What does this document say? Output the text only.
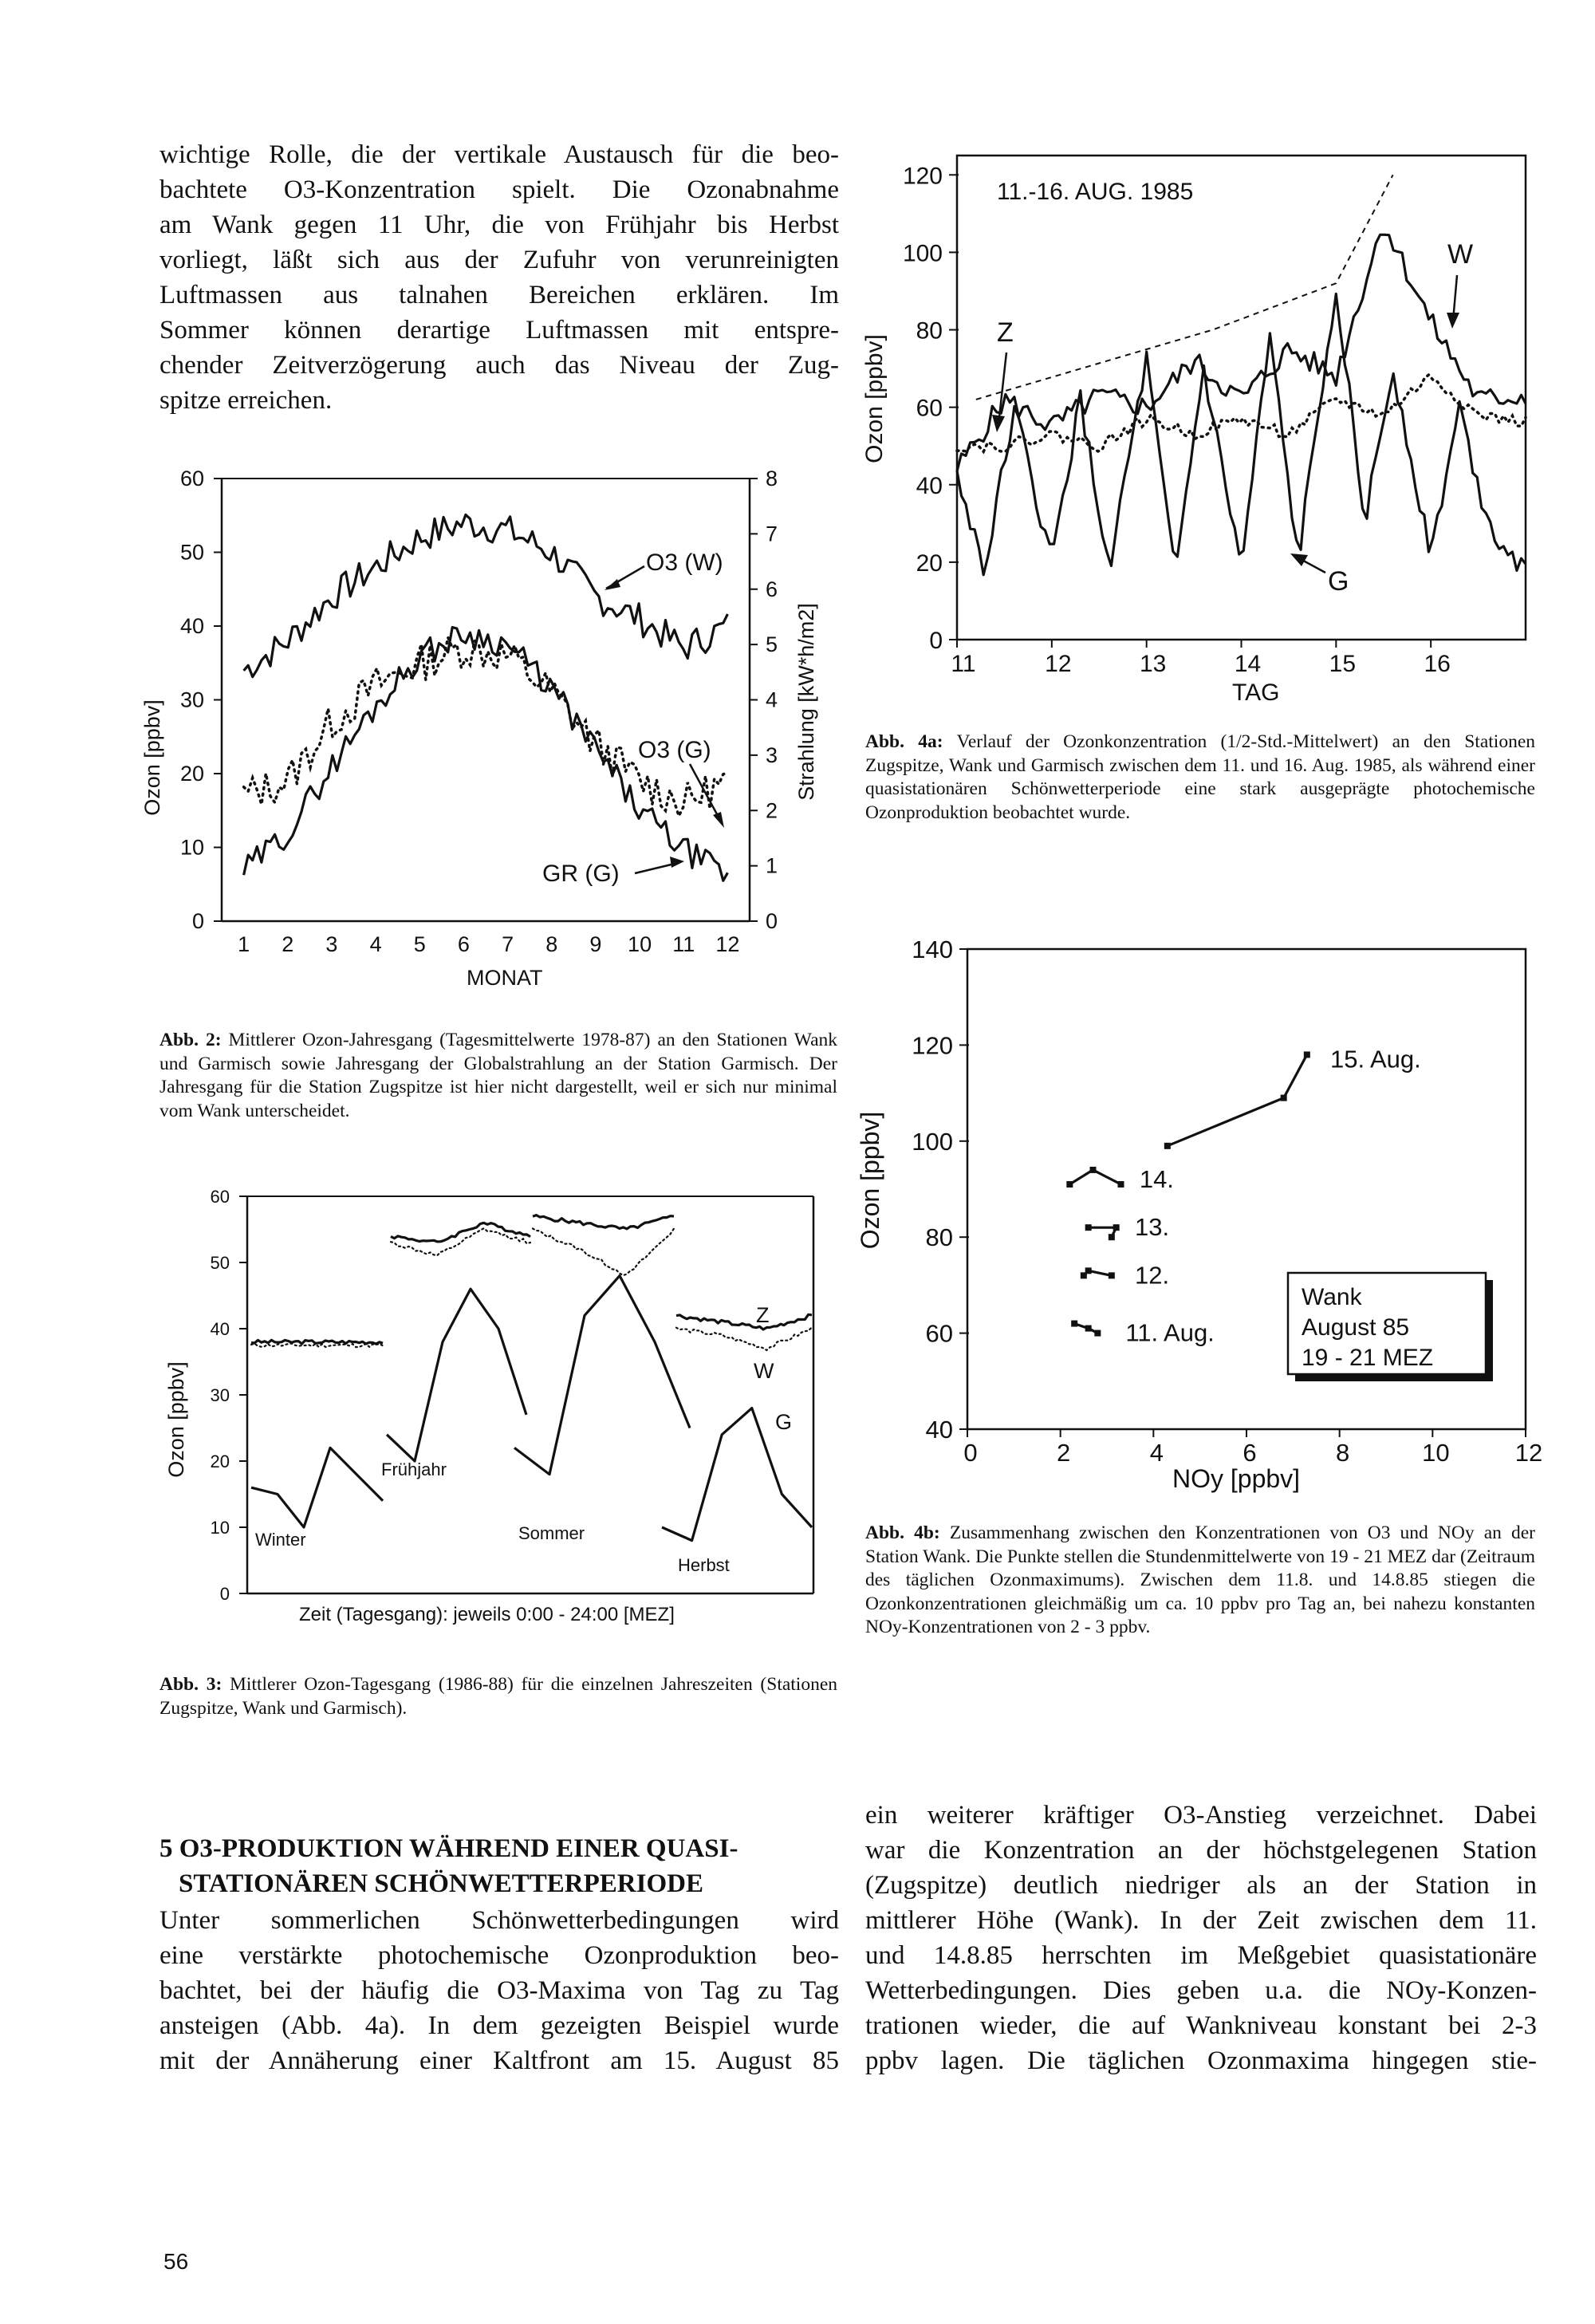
wichtige Rolle, die der vertikale Austausch für die beo-
bachtete O3-Konzentration spielt. Die Ozonabnahme
am Wank gegen 11 Uhr, die von Frühjahr bis Herbst
vorliegt, läßt sich aus der Zufuhr von verunreinigten
Luftmassen aus talnahen Bereichen erklären. Im
Sommer können derartige Luftmassen mit entspre-
chender Zeitverzögerung auch das Niveau der Zug-
spitze erreichen.
0
10
20
30
40
50
60
0
1
2
3
4
5
6
7
8
1 2 3 4 5 6 7 8 9 10 11 12
MONAT
Ozon [ppbv]	Strahlung [kW*h/m2]
O3 (W)
O3 (G)
GR (G)
Abb. 2: Mittlerer Ozon-Jahresgang (Tagesmittelwerte 1978-87) an den Stationen Wank und Garmisch sowie Jahresgang der Globalstrahlung an der Station Garmisch. Der Jahresgang für die Station Zugspitze ist hier nicht dargestellt, weil er sich nur minimal vom Wank unterscheidet.
0
10
20
30
40
50
60
Zeit (Tagesgang): jeweils 0:00 - 24:00 [MEZ]
Ozon [ppbv]
Winter
Frühjahr
Sommer
Herbst
Z
W
G
Abb. 3: Mittlerer Ozon-Tagesgang (1986-88) für die einzelnen Jahreszeiten (Stationen Zugspitze, Wank und Garmisch).
0
20
40
60
80
100
120
11	12	13	14	15	16
11.-16. AUG. 1985
TAG
Ozon [ppbv]
Z
W
G
Abb. 4a: Verlauf der Ozonkonzentration (1/2-Std.-Mittelwert) an den Stationen Zugspitze, Wank und Garmisch zwischen dem 11. und 16. Aug. 1985, als während einer quasistationären Schönwetterperiode eine stark ausgeprägte photochemische Ozonproduktion beobachtet wurde.
40
60
80
100
120
140
0	2	4	6	8	10	12
11. Aug.
12.
13.
14.
15. Aug.
NOy [ppbv]
Ozon [ppbv]
Wank
August 85
19 - 21 MEZ
Abb. 4b: Zusammenhang zwischen den Konzentrationen von O3 und NOy an der Station Wank. Die Punkte stellen die Stundenmittelwerte von 19 - 21 MEZ dar (Zeitraum des täglichen Ozonmaximums). Zwischen dem 11.8. und 14.8.85 stiegen die Ozonkonzentrationen gleichmäßig um ca. 10 ppbv pro Tag an, bei nahezu konstanten NOy-Konzentrationen von 2 - 3 ppbv.
5 O3-PRODUKTION WÄHREND EINER QUASI-
STATIONÄREN SCHÖNWETTERPERIODE
Unter sommerlichen Schönwetterbedingungen wird
eine verstärkte photochemische Ozonproduktion beo-
bachtet, bei der häufig die O3-Maxima von Tag zu Tag
ansteigen (Abb. 4a). In dem gezeigten Beispiel wurde
mit der Annäherung einer Kaltfront am 15. August 85
ein weiterer kräftiger O3-Anstieg verzeichnet. Dabei
war die Konzentration an der höchstgelegenen Station
(Zugspitze) deutlich niedriger als an der Station in
mittlerer Höhe (Wank). In der Zeit zwischen dem 11.
und 14.8.85 herrschten im Meßgebiet quasistationäre
Wetterbedingungen. Dies geben u.a. die NOy-Konzen-
trationen wieder, die auf Wankniveau konstant bei 2-3
ppbv lagen. Die täglichen Ozonmaxima hingegen stie-
56
